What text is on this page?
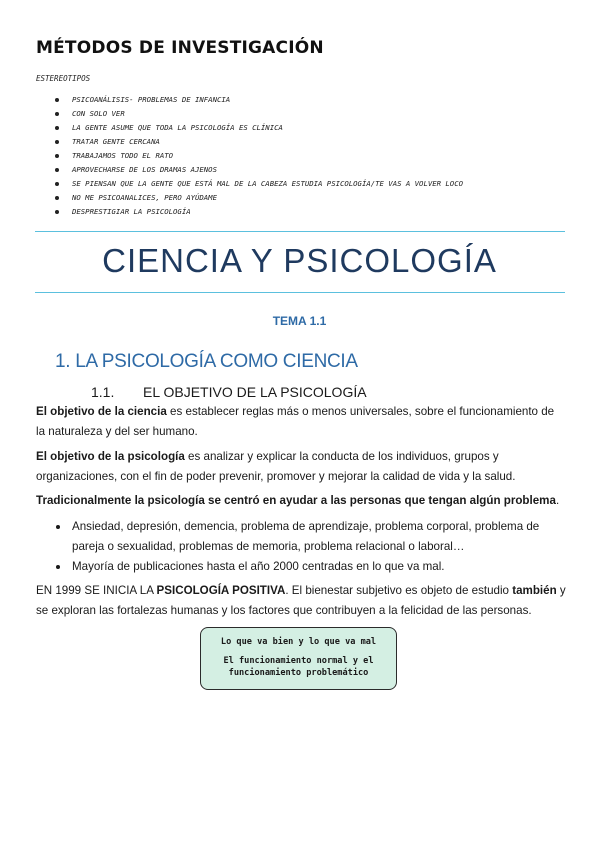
MÉTODOS DE INVESTIGACIÓN
ESTEREOTIPOS
PSICOANÁLISIS- PROBLEMAS DE INFANCIA
CON SOLO VER
LA GENTE ASUME QUE TODA LA PSICOLOGÍA ES CLÍNICA
TRATAR GENTE CERCANA
TRABAJAMOS TODO EL RATO
APROVECHARSE DE LOS DRAMAS AJENOS
SE PIENSAN QUE LA GENTE QUE ESTÁ MAL DE LA CABEZA ESTUDIA PSICOLOGÍA/TE VAS A VOLVER LOCO
NO ME PSICOANALICES, PERO AYÚDAME
DESPRESTIGIAR LA PSICOLOGÍA
CIENCIA Y PSICOLOGÍA
TEMA 1.1
1. LA PSICOLOGÍA COMO CIENCIA
1.1. EL OBJETIVO DE LA PSICOLOGÍA
El objetivo de la ciencia es establecer reglas más o menos universales, sobre el funcionamiento de la naturaleza y del ser humano.
El objetivo de la psicología es analizar y explicar la conducta de los individuos, grupos y organizaciones, con el fin de poder prevenir, promover y mejorar la calidad de vida y la salud.
Tradicionalmente la psicología se centró en ayudar a las personas que tengan algún problema.
Ansiedad, depresión, demencia, problema de aprendizaje, problema corporal, problema de pareja o sexualidad, problemas de memoria, problema relacional o laboral…
Mayoría de publicaciones hasta el año 2000 centradas en lo que va mal.
EN 1999 SE INICIA LA PSICOLOGÍA POSITIVA. El bienestar subjetivo es objeto de estudio también y se exploran las fortalezas humanas y los factores que contribuyen a la felicidad de las personas.
Lo que va bien y lo que va mal
El funcionamiento normal y el funcionamiento problemático
